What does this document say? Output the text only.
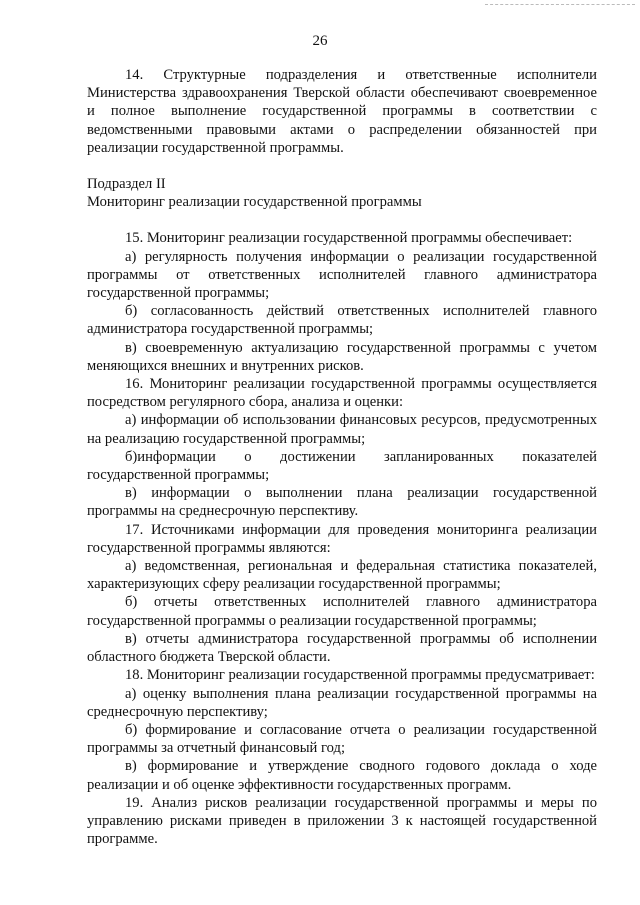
26

14. Структурные подразделения и ответственные исполнители Министерства здравоохранения Тверской области обеспечивают своевременное и полное выполнение государственной программы в соответствии с ведомственными правовыми актами о распределении обязанностей при реализации государственной программы.

Подраздел II

Мониторинг реализации государственной программы

15. Мониторинг реализации государственной программы обеспечивает:

а) регулярность получения информации о реализации государственной программы от ответственных исполнителей главного администратора государственной программы;

б) согласованность действий ответственных исполнителей главного администратора государственной программы;

в) своевременную актуализацию государственной программы с учетом меняющихся внешних и внутренних рисков.

16. Мониторинг реализации государственной программы осуществляется посредством регулярного сбора, анализа и оценки:

а) информации об использовании финансовых ресурсов, предусмотренных на реализацию государственной программы;

б)информации о достижении запланированных показателей государственной программы;

в) информации о выполнении плана реализации государственной программы на среднесрочную перспективу.

17. Источниками информации для проведения мониторинга реализации государственной программы являются:

а) ведомственная, региональная и федеральная статистика показателей, характеризующих сферу реализации государственной программы;

б) отчеты ответственных исполнителей главного администратора государственной программы о реализации государственной программы;

в) отчеты администратора государственной программы об исполнении областного бюджета Тверской области.

18. Мониторинг реализации государственной программы предусматривает:

а) оценку выполнения плана реализации государственной программы на среднесрочную перспективу;

б) формирование и согласование отчета о реализации государственной программы за отчетный финансовый год;

в) формирование и утверждение сводного годового доклада о ходе реализации и об оценке эффективности государственных программ.

19. Анализ рисков реализации государственной программы и меры по управлению рисками приведен в приложении 3 к настоящей государственной программе.
